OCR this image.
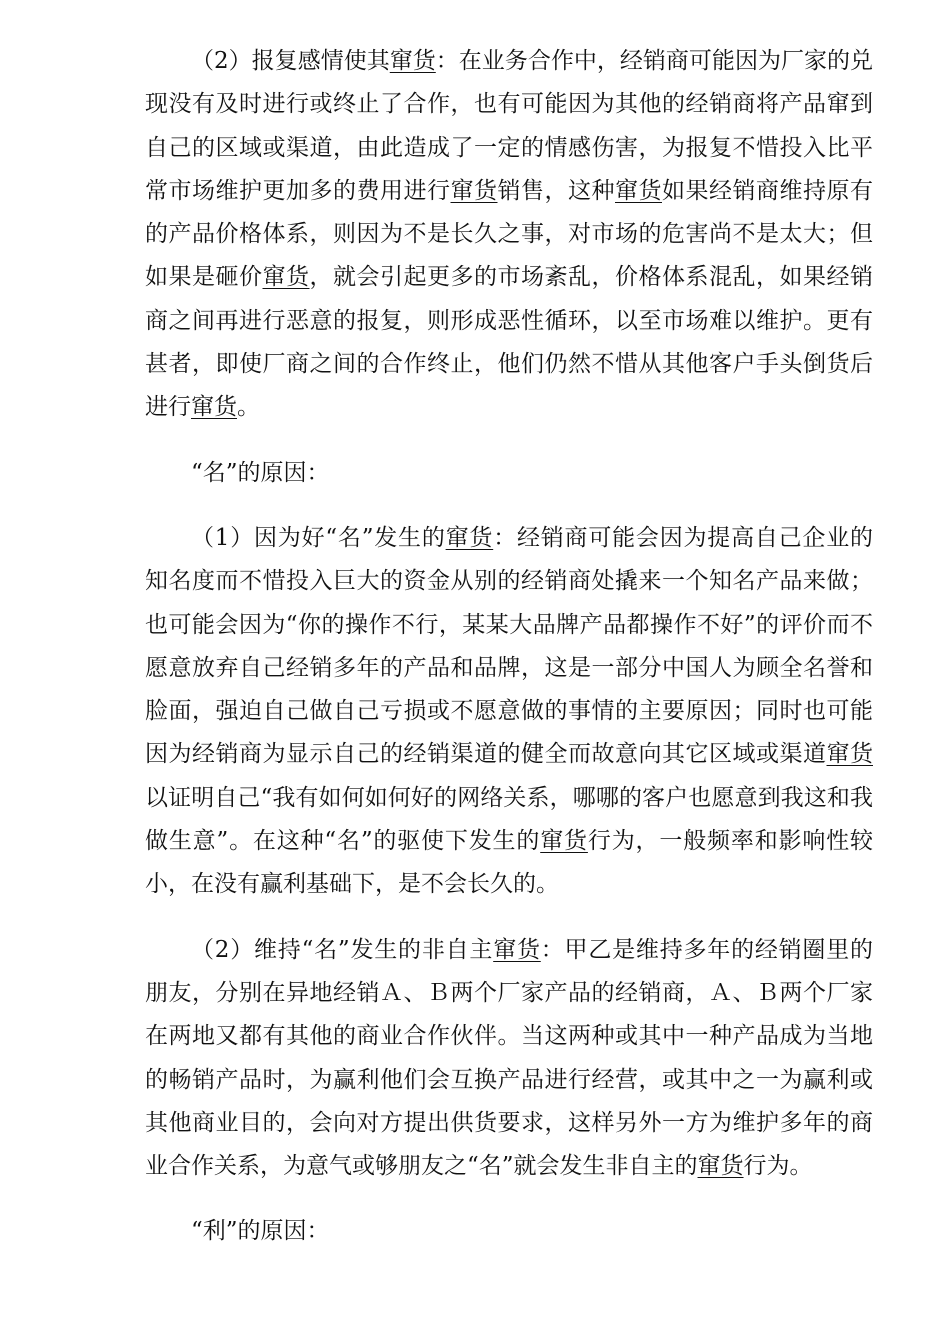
（2）报复感情使其窜货：在业务合作中，经销商可能因为厂家的兑现没有及时进行或终止了合作，也有可能因为其他的经销商将产品窜到自己的区域或渠道，由此造成了一定的情感伤害，为报复不惜投入比平常市场维护更加多的费用进行窜货销售，这种窜货如果经销商维持原有的产品价格体系，则因为不是长久之事，对市场的危害尚不是太大；但如果是砸价窜货，就会引起更多的市场紊乱，价格体系混乱，如果经销商之间再进行恶意的报复，则形成恶性循环，以至市场难以维护。更有甚者，即使厂商之间的合作终止，他们仍然不惜从其他客户手头倒货后进行窜货。

“名”的原因：

（1）因为好“名”发生的窜货：经销商可能会因为提高自己企业的知名度而不惜投入巨大的资金从别的经销商处撬来一个知名产品来做；也可能会因为“你的操作不行，某某大品牌产品都操作不好”的评价而不愿意放弃自己经销多年的产品和品牌，这是一部分中国人为顾全名誉和脸面，强迫自己做自己亏损或不愿意做的事情的主要原因；同时也可能因为经销商为显示自己的经销渠道的健全而故意向其它区域或渠道窜货以证明自己“我有如何如何好的网络关系，哪哪的客户也愿意到我这和我做生意”。在这种“名”的驱使下发生的窜货行为，一般频率和影响性较小，在没有赢利基础下，是不会长久的。

（2）维持“名”发生的非自主窜货：甲乙是维持多年的经销圈里的朋友，分别在异地经销Ａ、Ｂ两个厂家产品的经销商，Ａ、Ｂ两个厂家在两地又都有其他的商业合作伙伴。当这两种或其中一种产品成为当地的畅销产品时，为赢利他们会互换产品进行经营，或其中之一为赢利或其他商业目的，会向对方提出供货要求，这样另外一方为维护多年的商业合作关系，为意气或够朋友之“名”就会发生非自主的窜货行为。

“利”的原因：
